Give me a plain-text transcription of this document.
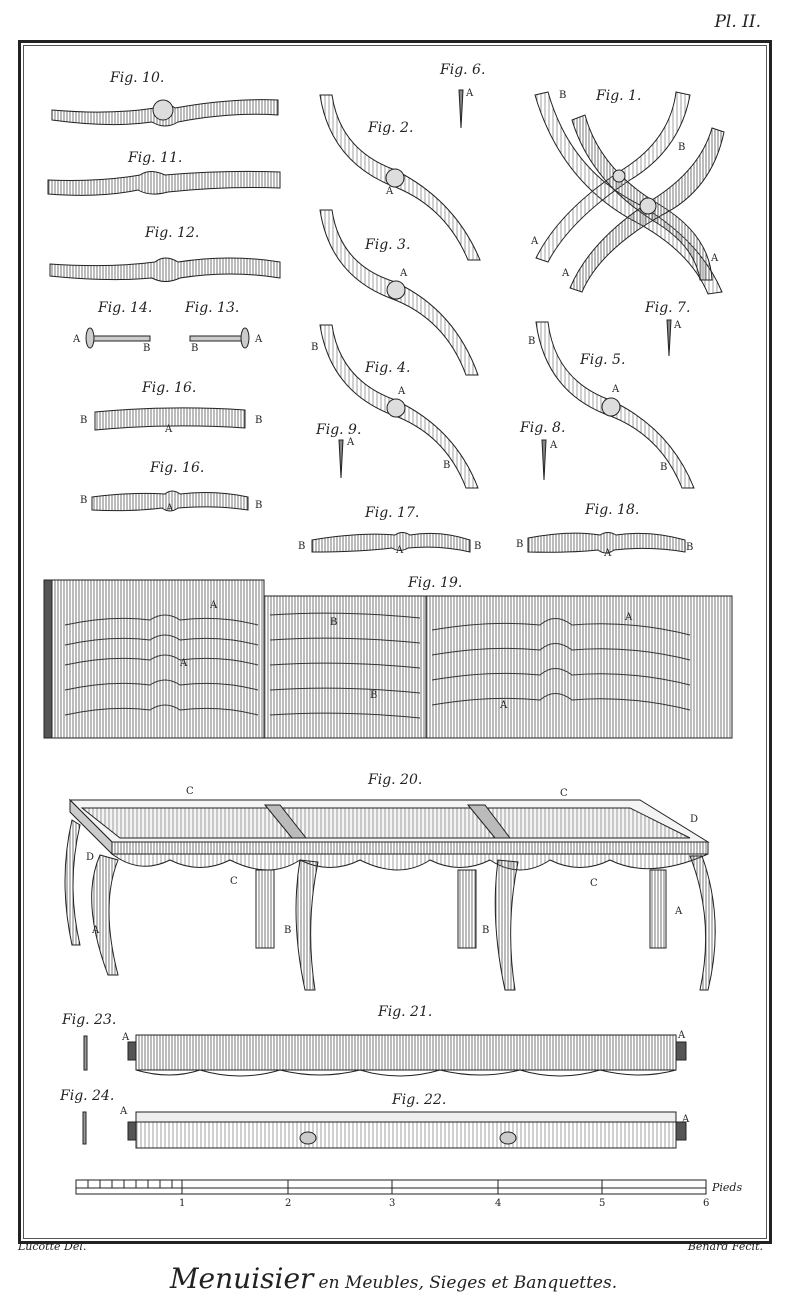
Pl. II.
Fig. 10.
Fig. 11.
Fig. 12.
Fig. 14. Fig. 13.
Fig. 16.
Fig. 16.
Fig. 6.
Fig. 2.
Fig. 3.
Fig. 4.
Fig. 9.
Fig. 1.
Fig. 7.
Fig. 5.
Fig. 8.
Fig. 17.	Fig. 18.
Fig. 19.
Fig. 20.
Fig. 21.
Fig. 22.
Fig. 23.
Fig. 24.
A
B	B
A
B	B
A
B	B
A
A
A
A
A
B
B
A
B
B
A
A
A
A
B
A
B
A
B	B
A
B	B
A
A
A
B
B
A
A
C	C
D
D
C	C
A
A
B	B
A	A
A
A
1	2	3	4	5	6
Pieds
Lucotte Del.	Benard Fecit.
Menuisier en Meubles, Sieges et Banquettes.
